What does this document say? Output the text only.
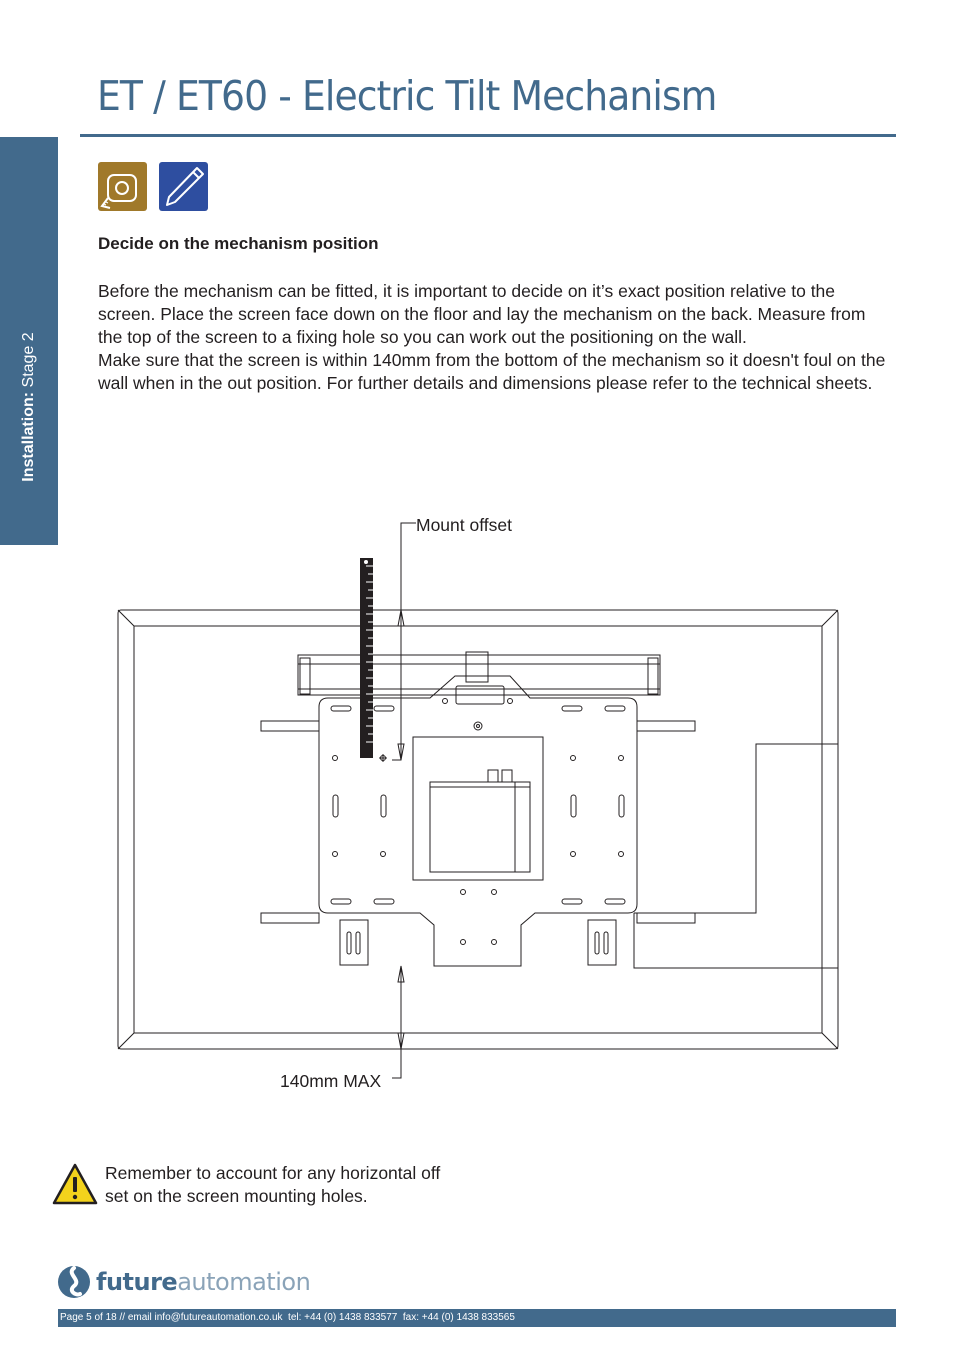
ET / ET60 - Electric Tilt Mechanism
Installation: Stage 2
Decide on the mechanism position

Before the mechanism can be fitted, it is important to decide on it’s exact position relative to the screen. Place the screen face down on the floor and lay the mechanism on the back. Measure from the top of the screen to a fixing hole so you can work out the positioning on the wall.

Make sure that the screen is within 140mm from the bottom of the mechanism so it doesn't foul on the wall when in the out position. For further details and dimensions please refer to the technical sheets.

Mount offset
140mm MAX
Remember to account for any horizontal off set on the screen mounting holes.
futureautomation
Page 5 of 18 // email info@futureautomation.co.uk  tel: +44 (0) 1438 833577  fax: +44 (0) 1438 833565
